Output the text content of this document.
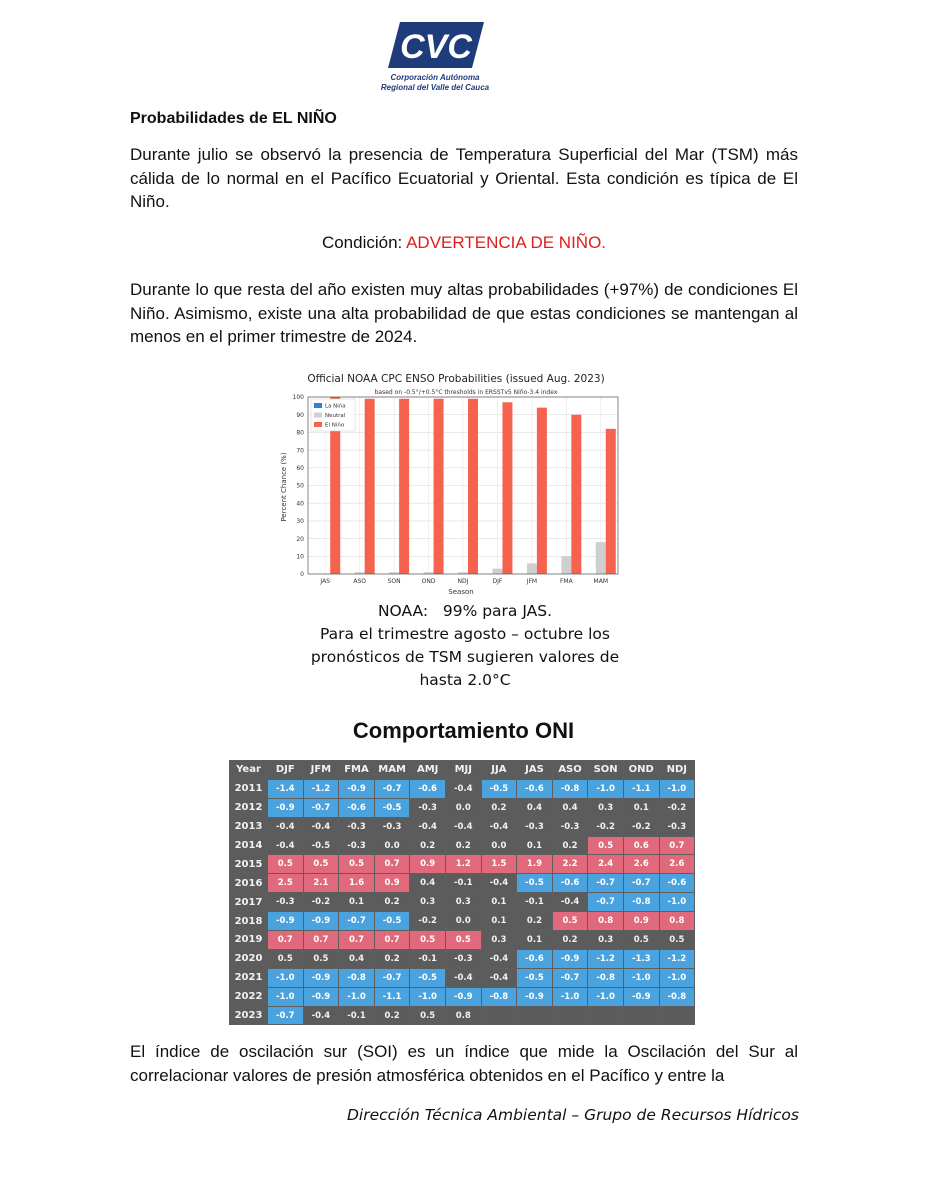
CVC
Corporación Autónoma
Regional del Valle del Cauca
Probabilidades de EL NIÑO

Durante julio se observó la presencia de Temperatura Superficial del Mar (TSM) más cálida de lo normal en el Pacífico Ecuatorial y Oriental. Esta condición es típica de El Niño.

Condición: ADVERTENCIA DE NIÑO.

Durante lo que resta del año existen muy altas probabilidades (+97%) de condiciones El Niño. Asimismo, existe una alta probabilidad de que estas condiciones se mantengan al menos en el primer trimestre de 2024.

Official NOAA CPC ENSO Probabilities (issued Aug. 2023)
based on -0.5°/+0.5°C thresholds in ERSSTv5 Niño-3.4 index
Percent Chance (%)
Season
0
10
20
30
40
50
60
70
80
90
100
JAS	ASO	SON	OND	NDJ	DJF	JFM	FMA	MAM
La Niña
Neutral
El Niño
NOAA:   99% para JAS.
Para el trimestre agosto – octubre los
pronósticos de TSM sugieren valores de
hasta 2.0°C
Comportamiento ONI
Year	DJF	JFM	FMA	MAM	AMJ	MJJ	JJA	JAS	ASO	SON	OND	NDJ
2011	-1.4	-1.2	-0.9	-0.7	-0.6	-0.4	-0.5	-0.6	-0.8	-1.0	-1.1	-1.0
2012	-0.9	-0.7	-0.6	-0.5	-0.3	0.0	0.2	0.4	0.4	0.3	0.1	-0.2
2013	-0.4	-0.4	-0.3	-0.3	-0.4	-0.4	-0.4	-0.3	-0.3	-0.2	-0.2	-0.3
2014	-0.4	-0.5	-0.3	0.0	0.2	0.2	0.0	0.1	0.2	0.5	0.6	0.7
2015	0.5	0.5	0.5	0.7	0.9	1.2	1.5	1.9	2.2	2.4	2.6	2.6
2016	2.5	2.1	1.6	0.9	0.4	-0.1	-0.4	-0.5	-0.6	-0.7	-0.7	-0.6
2017	-0.3	-0.2	0.1	0.2	0.3	0.3	0.1	-0.1	-0.4	-0.7	-0.8	-1.0
2018	-0.9	-0.9	-0.7	-0.5	-0.2	0.0	0.1	0.2	0.5	0.8	0.9	0.8
2019	0.7	0.7	0.7	0.7	0.5	0.5	0.3	0.1	0.2	0.3	0.5	0.5
2020	0.5	0.5	0.4	0.2	-0.1	-0.3	-0.4	-0.6	-0.9	-1.2	-1.3	-1.2
2021	-1.0	-0.9	-0.8	-0.7	-0.5	-0.4	-0.4	-0.5	-0.7	-0.8	-1.0	-1.0
2022	-1.0	-0.9	-1.0	-1.1	-1.0	-0.9	-0.8	-0.9	-1.0	-1.0	-0.9	-0.8
2023	-0.7	-0.4	-0.1	0.2	0.5	0.8						

El índice de oscilación sur (SOI) es un índice que mide la Oscilación del Sur al correlacionar valores de presión atmosférica obtenidos en el Pacífico y entre la

Dirección Técnica Ambiental – Grupo de Recursos Hídricos
